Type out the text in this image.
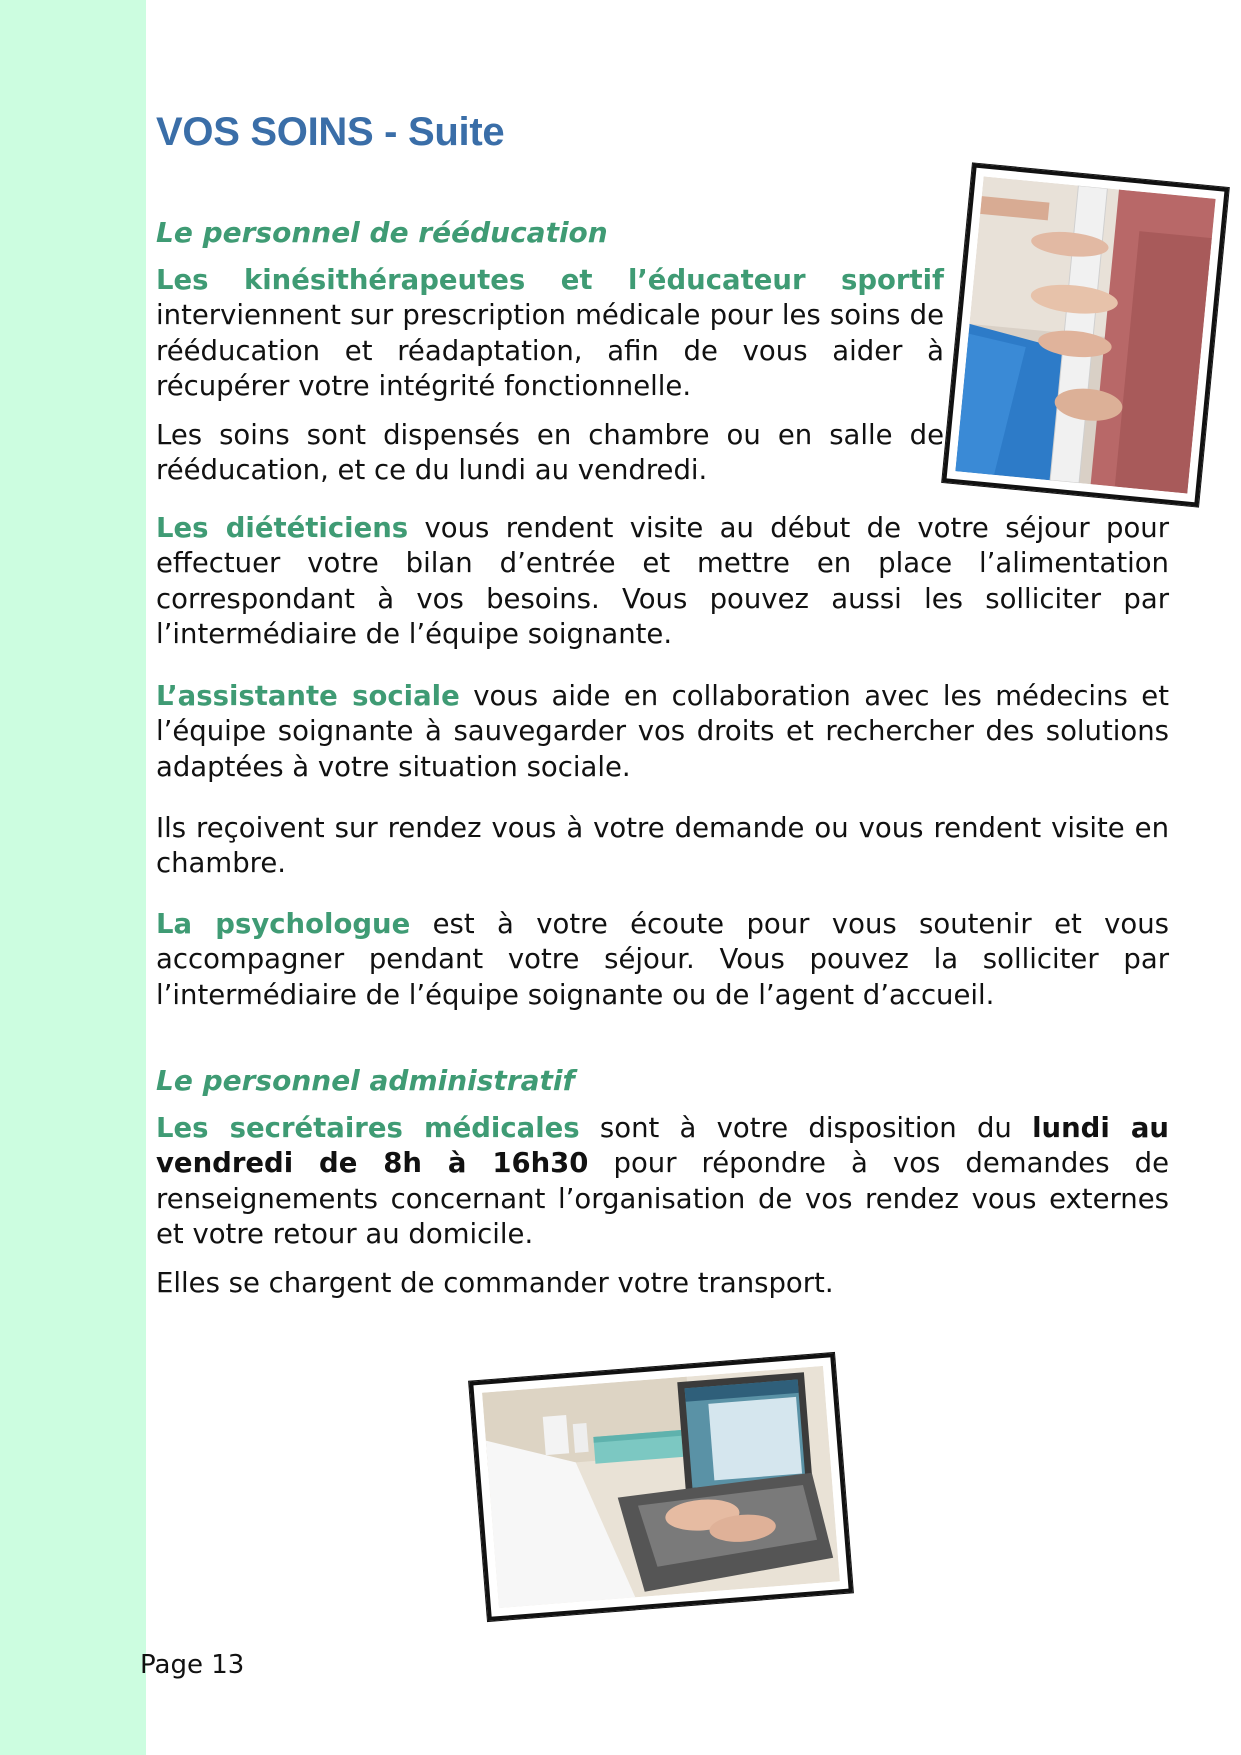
VOS SOINS - Suite
Le personnel de rééducation

Les kinésithérapeutes et l’éducateur sportif interviennent sur prescription médicale pour les soins de rééducation et réadaptation, afin de vous aider à récupérer votre intégrité fonctionnelle.

Les soins sont dispensés en chambre ou en salle de rééducation, et ce du lundi au vendredi.

Les diététiciens vous rendent visite au début de votre séjour pour effectuer votre bilan d’entrée et mettre en place l’alimentation correspondant à vos besoins. Vous pouvez aussi les solliciter par l’intermédiaire de l’équipe soignante.

L’assistante sociale vous aide en collaboration avec les médecins et l’équipe soignante à sauvegarder vos droits et rechercher des solutions adaptées à votre situation sociale.

Ils reçoivent sur rendez vous à votre demande ou vous rendent visite en chambre.

La psychologue est à votre écoute pour vous soutenir et vous accompagner pendant votre séjour. Vous pouvez la solliciter par l’intermédiaire de l’équipe soignante ou de l’agent d’accueil.

Le personnel administratif

Les secrétaires médicales sont à votre disposition du lundi au vendredi de 8h à 16h30 pour répondre à vos demandes de renseignements concernant l’organisation de vos rendez vous externes et votre retour au domicile.

Elles se chargent de commander votre transport.

Page 13
